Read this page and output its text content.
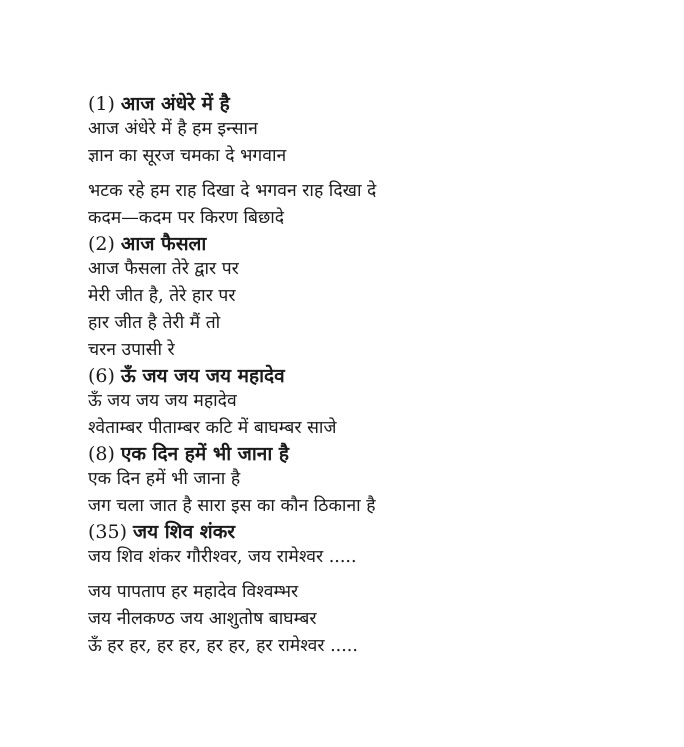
(1) आज अंधेरे में है
आज अंधेरे में है हम इन्सान
ज्ञान का सूरज चमका दे भगवान
भटक रहे हम राह दिखा दे भगवन राह दिखा दे
कदम—कदम पर किरण बिछादे
(2) आज फैसला
आज फैसला तेरे द्वार पर
मेरी जीत है, तेरे हार पर
हार जीत है तेरी मैं तो
चरन उपासी रे
(6) ऊँ जय जय जय महादेव
ऊँ जय जय जय महादेव
श्वेताम्बर पीताम्बर कटि में बाघम्बर साजे
(8) एक दिन हमें भी जाना है
एक दिन हमें भी जाना है
जग चला जात है सारा इस का कौन ठिकाना है
(35) जय शिव शंकर
जय शिव शंकर गौरीश्वर, जय रामेश्वर .....
जय पापताप हर महादेव विश्वम्भर
जय नीलकण्ठ जय आशुतोष बाघम्बर
ऊँ हर हर, हर हर, हर हर, हर रामेश्वर .....
